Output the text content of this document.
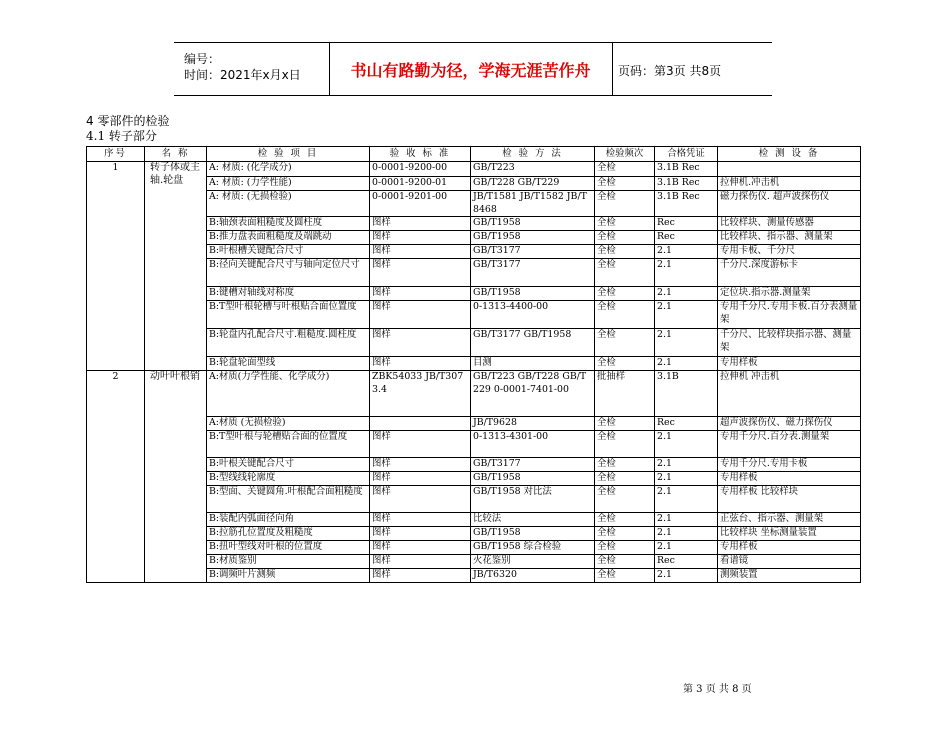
编号：
时间：2021年x月x日	书山有路勤为径，学海无涯苦作舟	页码：第3页 共8页
4 零部件的检验
4.1 转子部分
序号	名 称	检 验 项 目	验 收 标 准	检 验 方 法	检验频次	合格凭证	检 测 设 备
1	转子体或主轴.轮盘	A: 材质: (化学成分)	0-0001-9200-00	GB/T223	全检	3.1B Rec	
		A: 材质: (力学性能)	0-0001-9200-01	GB/T228 GB/T229	全检	3.1B Rec	拉伸机.冲击机
		A: 材质: (无损检验)	0-0001-9201-00	JB/T1581 JB/T1582 JB/T8468	全检	3.1B Rec	磁力探伤仪. 超声波探伤仪
		B:轴颈表面粗糙度及圆柱度	图样	GB/T1958	全检	Rec	比较样块、测量传感器
		B:推力盘表面粗糙度及端跳动	图样	GB/T1958	全检	Rec	比较样块、指示器、测量架
		B:叶根槽关键配合尺寸	图样	GB/T3177	全检	2.1	专用卡板、千分尺
		B:径向关键配合尺寸与轴向定位尺寸	图样	GB/T3177	全检	2.1	千分尺.深度游标卡
		B:键槽对轴线对称度	图样	GB/T1958	全检	2.1	定位块.指示器.测量架
		B:T型叶根轮槽与叶根贴合面位置度	图样	0-1313-4400-00	全检	2.1	专用千分尺.专用卡板.百分表测量架
		B:轮盘内孔配合尺寸.粗糙度.圆柱度	图样	GB/T3177 GB/T1958	全检	2.1	千分尺、比较样块指示器、测量架
		B:轮盘轮面型线	图样	目测	全检	2.1	专用样板
2	动叶叶根销	A:材质(力学性能、化学成分)	ZBK54033 JB/T3073.4	GB/T223 GB/T228 GB/T229 0-0001-7401-00	批抽样	3.1B	拉伸机 冲击机
		A:材质 (无损检验)		JB/T9628	全检	Rec	超声波探伤仪、磁力探伤仪
		B:T型叶根与轮槽贴合面的位置度	图样	0-1313-4301-00	全检	2.1	专用千分尺.百分表.测量架
		B:叶根关键配合尺寸	图样	GB/T3177	全检	2.1	专用千分尺.专用卡板
		B:型线线轮廓度	图样	GB/T1958	全检	2.1	专用样板
		B:型面、关键圆角.叶根配合面粗糙度	图样	GB/T1958 对比法	全检	2.1	专用样板 比较样块
		B:装配内弧面径向角	图样	比较法	全检	2.1	正弦台、指示器、测量架
		B:拉筋孔位置度及粗糙度	图样	GB/T1958	全检	2.1	比较样块 坐标测量装置
		B:扭叶型线对叶根的位置度	图样	GB/T1958 综合检验	全检	2.1	专用样板
		B:材质鉴别	图样	火花鉴别	全检	Rec	看谱镜
		B:调频叶片测频	图样	JB/T6320	全检	2.1	测频装置
第 3 页 共 8 页
